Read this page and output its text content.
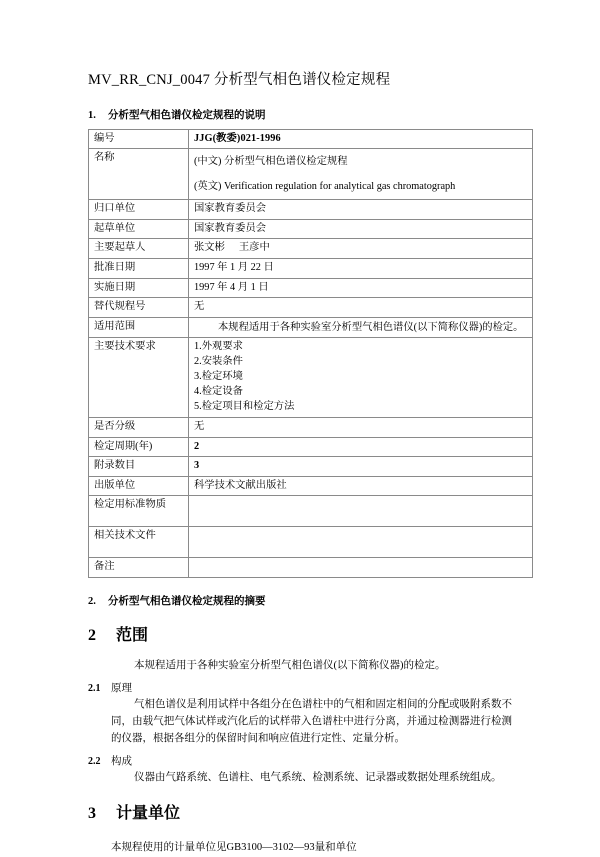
MV_RR_CNJ_0047 分析型气相色谱仪检定规程
1.	分析型气相色谱仪检定规程的说明
编号	JJG(教委)021-1996
名称	(中文) 分析型气相色谱仪检定规程
(英文) Verification regulation for analytical gas chromatograph

归口单位	国家教育委员会
起草单位	国家教育委员会
主要起草人	张文彬 王彦中
批准日期	1997 年 1 月 22 日
实施日期	1997 年 4 月 1 日
替代规程号	无
适用范围	本规程适用于各种实验室分析型气相色谱仪(以下简称仪器)的检定。

主要技术要求	1.外观要求
2.安装条件
3.检定环境
4.检定设备
5.检定项目和检定方法

是否分级	无
检定周期(年)	2
附录数目	3
出版单位	科学技术文献出版社
检定用标准物质	
相关技术文件	
备注	
2.	分析型气相色谱仪检定规程的摘要
2	范围

本规程适用于各种实验室分析型气相色谱仪(以下简称仪器)的检定。

2.1	原理

气相色谱仪是利用试样中各组分在色谱柱中的气相和固定相间的分配或吸附系数不同，由载气把气体试样或汽化后的试样带入色谱柱中进行分离，并通过检测器进行检测的仪器，根据各组分的保留时间和响应值进行定性、定量分析。

2.2	构成

仪器由气路系统、色谱柱、电气系统、检测系统、记录器或数据处理系统组成。

3	计量单位

本规程使用的计量单位见GB3100—3102—93量和单位
